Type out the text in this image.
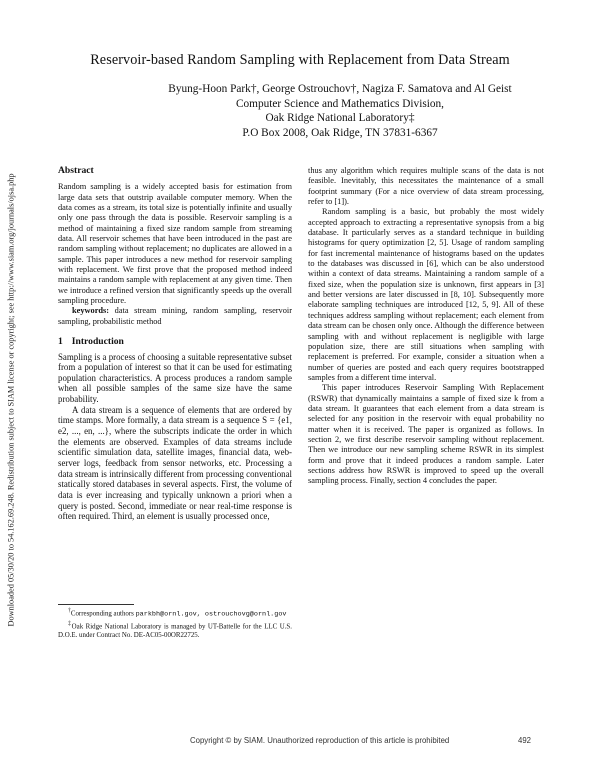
Downloaded 05/30/20 to 54.162.69.248. Redistribution subject to SIAM license or copyright; see http://www.siam.org/journals/ojsa.php
Reservoir-based Random Sampling with Replacement from Data Stream
Byung-Hoon Park†, George Ostrouchov†, Nagiza F. Samatova and Al Geist
Computer Science and Mathematics Division,
Oak Ridge National Laboratory‡
P.O Box 2008, Oak Ridge, TN 37831-6367
Abstract

Random sampling is a widely accepted basis for estimation from large data sets that outstrip available computer memory. When the data comes as a stream, its total size is potentially infinite and usually only one pass through the data is possible. Reservoir sampling is a method of maintaining a fixed size random sample from streaming data. All reservoir schemes that have been introduced in the past are random sampling without replacement; no duplicates are allowed in a sample. This paper introduces a new method for reservoir sampling with replacement. We first prove that the proposed method indeed maintains a random sample with replacement at any given time. Then we introduce a refined version that significantly speeds up the overall sampling procedure.

keywords: data stream mining, random sampling, reservoir sampling, probabilistic method

1 Introduction

Sampling is a process of choosing a suitable representative subset from a population of interest so that it can be used for estimating population characteristics. A process produces a random sample when all possible samples of the same size have the same probability.

A data stream is a sequence of elements that are ordered by time stamps. More formally, a data stream is a sequence S = {e1, e2, ..., en, ...}, where the subscripts indicate the order in which the elements are observed. Examples of data streams include scientific simulation data, satellite images, financial data, web-server logs, feedback from sensor networks, etc. Processing a data stream is intrinsically different from processing conventional statically stored databases in several aspects. First, the volume of data is ever increasing and typically unknown a priori when a query is posted. Second, immediate or near real-time response is often required. Third, an element is usually processed once,

†Corresponding authors parkbh@ornl.gov, ostrouchovg@ornl.gov

‡Oak Ridge National Laboratory is managed by UT-Battelle for the LLC U.S. D.O.E. under Contract No. DE-AC05-00OR22725.

thus any algorithm which requires multiple scans of the data is not feasible. Inevitably, this necessitates the maintenance of a small footprint summary (For a nice overview of data stream processing, refer to [1]).

Random sampling is a basic, but probably the most widely accepted approach to extracting a representative synopsis from a big database. It particularly serves as a standard technique in building histograms for query optimization [2, 5]. Usage of random sampling for fast incremental maintenance of histograms based on the updates to the databases was discussed in [6], which can be also understood within a context of data streams. Maintaining a random sample of a fixed size, when the population size is unknown, first appears in [3] and better versions are later discussed in [8, 10]. Subsequently more elaborate sampling techniques are introduced [12, 5, 9]. All of these techniques address sampling without replacement; each element from data stream can be chosen only once. Although the difference between sampling with and without replacement is negligible with large population size, there are still situations when sampling with replacement is preferred. For example, consider a situation when a number of queries are posted and each query requires bootstrapped samples from a different time interval.

This paper introduces Reservoir Sampling With Replacement (RSWR) that dynamically maintains a sample of fixed size k from a data stream. It guarantees that each element from a data stream is selected for any position in the reservoir with equal probability no matter when it is received. The paper is organized as follows. In section 2, we first describe reservoir sampling without replacement. Then we introduce our new sampling scheme RSWR in its simplest form and prove that it indeed produces a random sample. Later sections address how RSWR is improved to speed up the overall sampling process. Finally, section 4 concludes the paper.

Copyright © by SIAM. Unauthorized reproduction of this article is prohibited	492
